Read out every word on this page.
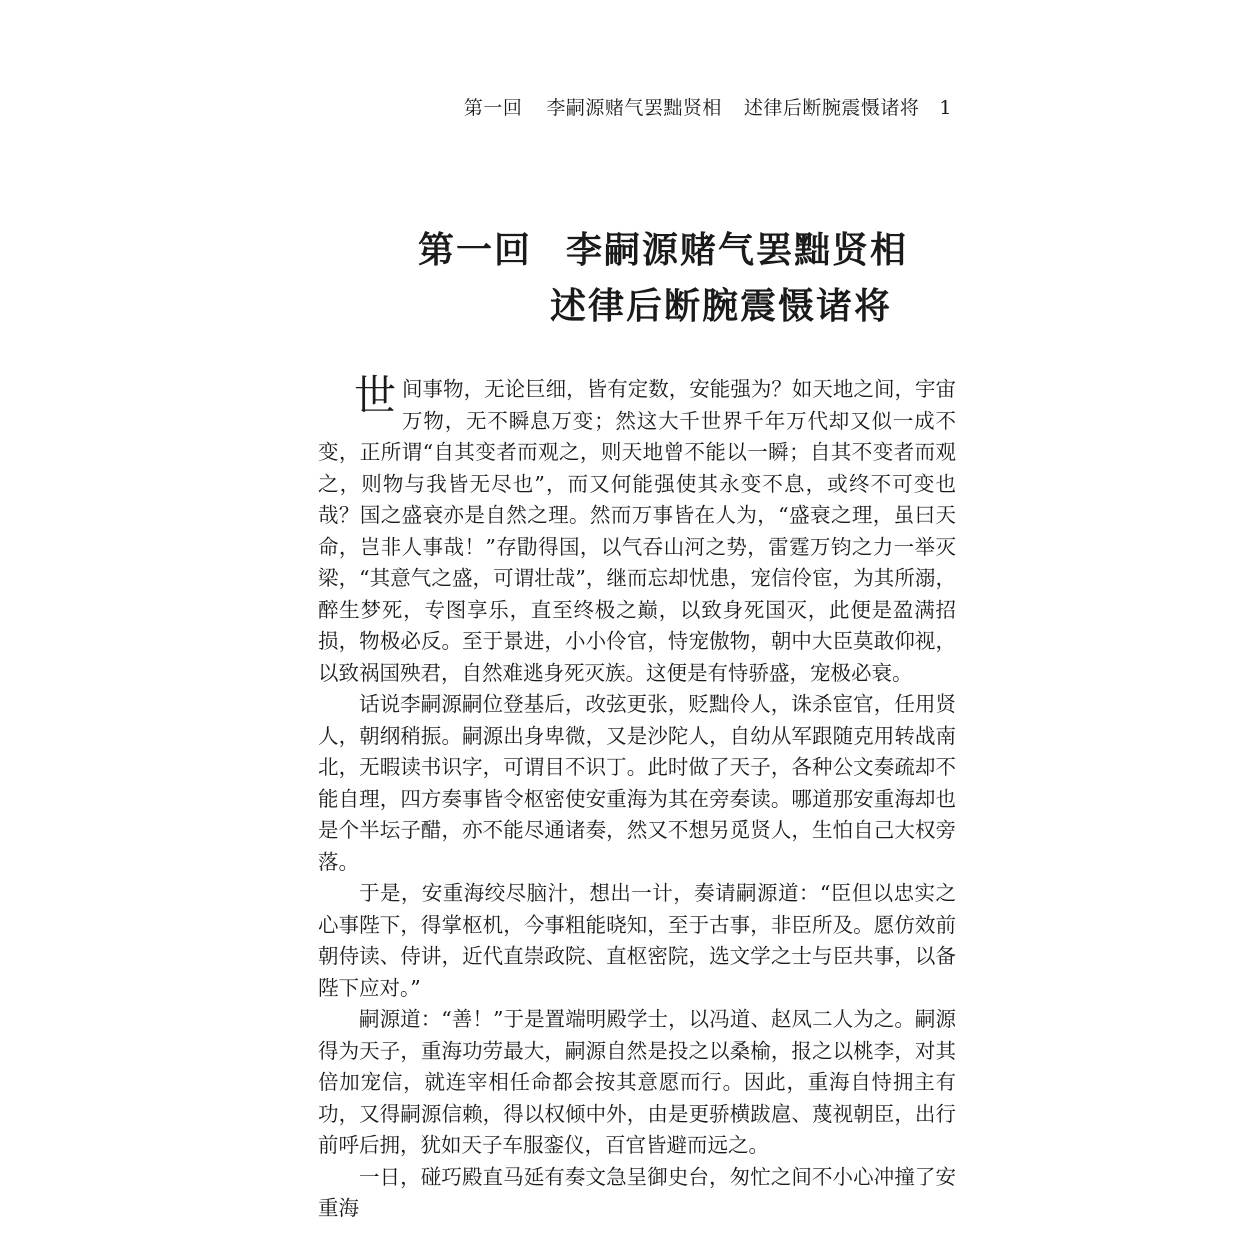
第一回 李嗣源赌气罢黜贤相 述律后断腕震慑诸将 1
第一回 李嗣源赌气罢黜贤相
述律后断腕震慑诸将

世间事物，无论巨细，皆有定数，安能强为？如天地之间，宇宙万物，无不瞬息万变；然这大千世界千年万代却又似一成不变，正所谓“自其变者而观之，则天地曾不能以一瞬；自其不变者而观之，则物与我皆无尽也”，而又何能强使其永变不息，或终不可变也哉？国之盛衰亦是自然之理。然而万事皆在人为，“盛衰之理，虽曰天命，岂非人事哉！”存勖得国，以气吞山河之势，雷霆万钧之力一举灭梁，“其意气之盛，可谓壮哉”，继而忘却忧患，宠信伶宦，为其所溺，醉生梦死，专图享乐，直至终极之巅，以致身死国灭，此便是盈满招损，物极必反。至于景进，小小伶官，恃宠傲物，朝中大臣莫敢仰视，以致祸国殃君，自然难逃身死灭族。这便是有恃骄盛，宠极必衰。

话说李嗣源嗣位登基后，改弦更张，贬黜伶人，诛杀宦官，任用贤人，朝纲稍振。嗣源出身卑微，又是沙陀人，自幼从军跟随克用转战南北，无暇读书识字，可谓目不识丁。此时做了天子，各种公文奏疏却不能自理，四方奏事皆令枢密使安重海为其在旁奏读。哪道那安重海却也是个半坛子醋，亦不能尽通诸奏，然又不想另觅贤人，生怕自己大权旁落。

于是，安重海绞尽脑汁，想出一计，奏请嗣源道：“臣但以忠实之心事陛下，得掌枢机，今事粗能晓知，至于古事，非臣所及。愿仿效前朝侍读、侍讲，近代直崇政院、直枢密院，选文学之士与臣共事，以备陛下应对。”

嗣源道：“善！”于是置端明殿学士，以冯道、赵凤二人为之。嗣源得为天子，重海功劳最大，嗣源自然是投之以桑榆，报之以桃李，对其倍加宠信，就连宰相任命都会按其意愿而行。因此，重海自恃拥主有功，又得嗣源信赖，得以权倾中外，由是更骄横跋扈、蔑视朝臣，出行前呼后拥，犹如天子车服銮仪，百官皆避而远之。

一日，碰巧殿直马延有奏文急呈御史台，匆忙之间不小心冲撞了安重海
